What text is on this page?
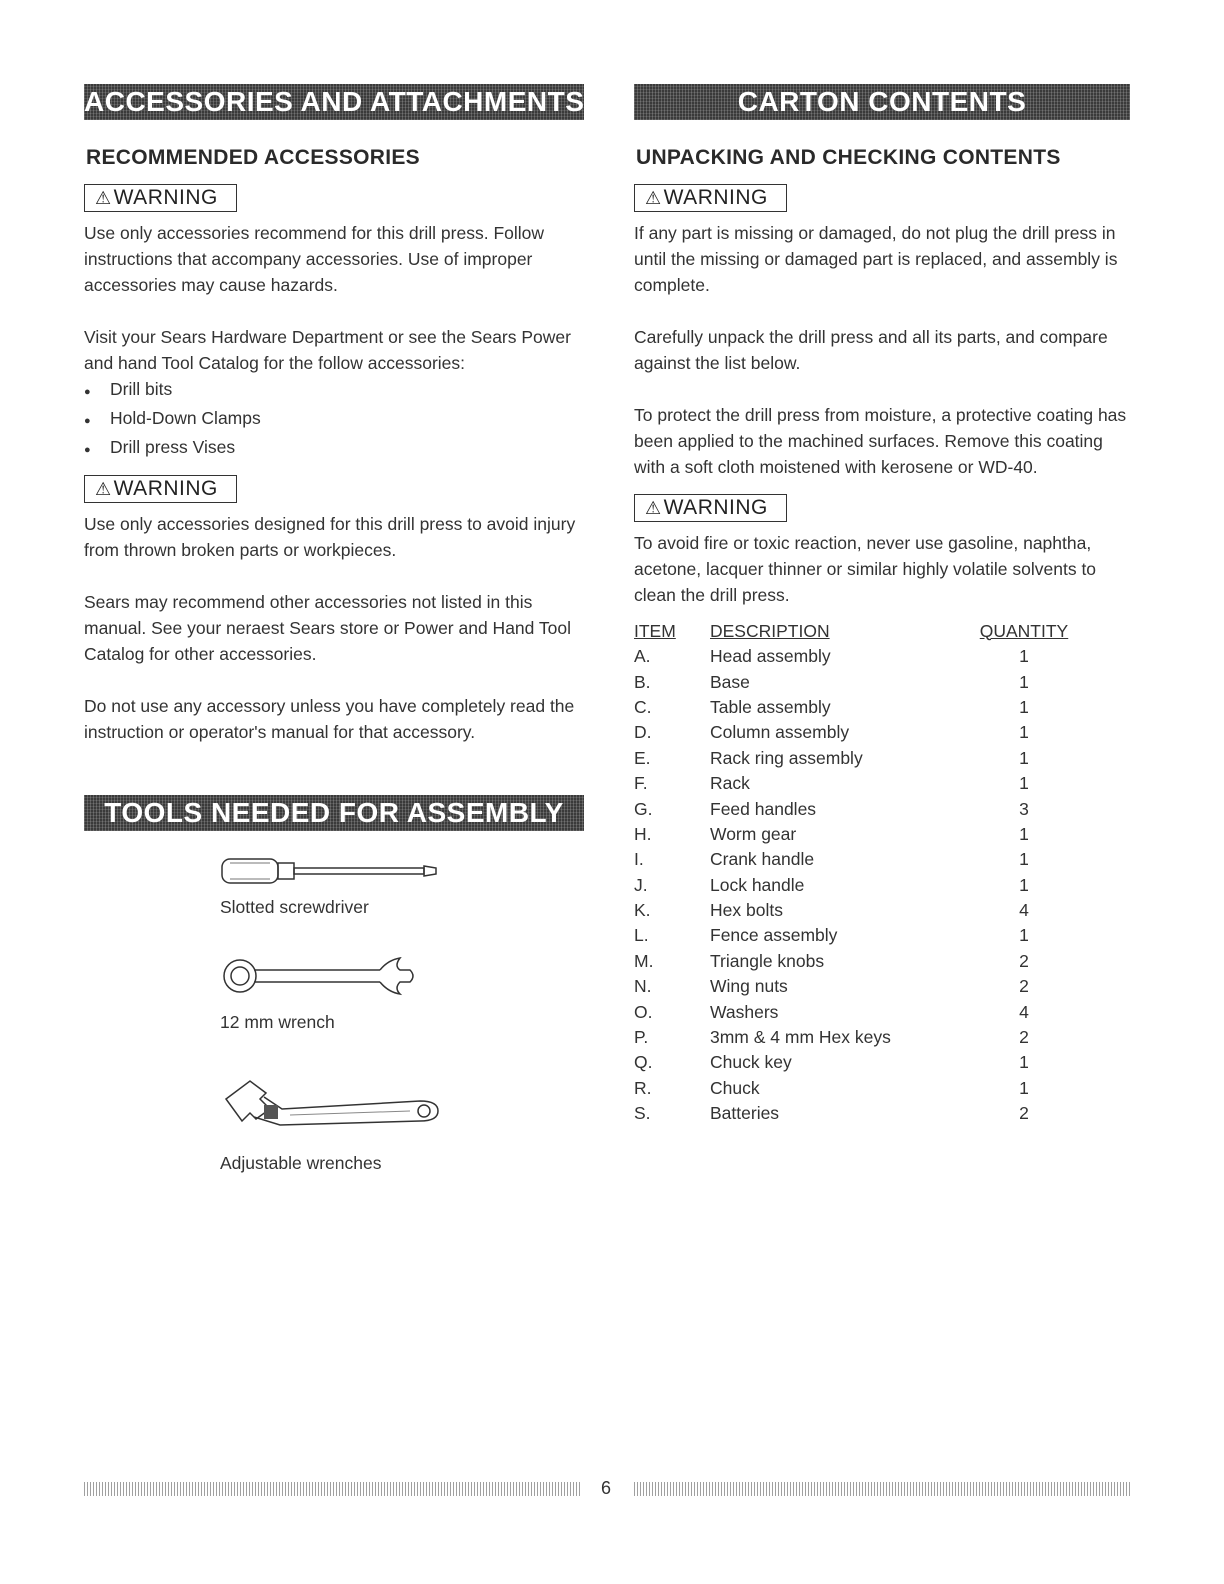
ACCESSORIES AND ATTACHMENTS
RECOMMENDED ACCESSORIES
⚠WARNING

Use only accessories recommend for this drill press. Follow instructions that accompany accessories. Use of improper accessories may cause hazards.

Visit your Sears Hardware Department or see the Sears Power and hand Tool Catalog for the follow accessories:

● Drill bits
● Hold-Down Clamps
● Drill press Vises
⚠WARNING

Use only accessories designed for this drill press to avoid injury from thrown broken parts or workpieces.

Sears may recommend other accessories not listed in this manual. See your neraest Sears store or Power and Hand Tool Catalog for other accessories.

Do not use any accessory unless you have completely read the instruction or operator's manual for that accessory.

TOOLS NEEDED FOR ASSEMBLY
Slotted screwdriver
12 mm wrench
Adjustable wrenches
CARTON CONTENTS
UNPACKING AND CHECKING CONTENTS
⚠WARNING

If any part is missing or damaged, do not plug the drill press in until the missing or damaged part is replaced, and assembly is complete.

Carefully unpack the drill press and all its parts, and compare against the list below.

To protect the drill press from moisture, a protective coating has been applied to the machined surfaces. Remove this coating with a soft cloth moistened with kerosene or WD-40.

⚠WARNING

To avoid fire or toxic reaction, never use gasoline, naphtha, acetone, lacquer thinner or similar highly volatile solvents to clean the drill press.

ITEM	DESCRIPTION	QUANTITY
A.	Head assembly	1
B.	Base	1
C.	Table assembly	1
D.	Column assembly	1
E.	Rack ring assembly	1
F.	Rack	1
G.	Feed handles	3
H.	Worm gear	1
I.	Crank handle	1
J.	Lock handle	1
K.	Hex bolts	4
L.	Fence assembly	1
M.	Triangle knobs	2
N.	Wing nuts	2
O.	Washers	4
P.	3mm & 4 mm Hex keys	2
Q.	Chuck key	1
R.	Chuck	1
S.	Batteries	2
6
